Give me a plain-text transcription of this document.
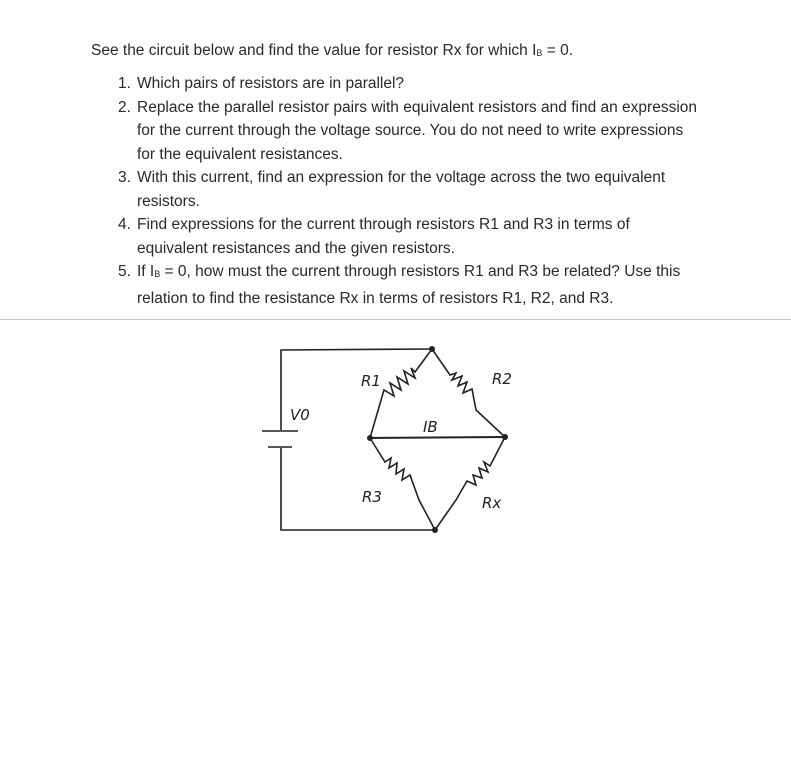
See the circuit below and find the value for resistor Rx for which $I_B = 0$.
1. Which pairs of resistors are in parallel?
2. Replace the parallel resistor pairs with equivalent resistors and find an expression for the current through the voltage source. You do not need to write expressions for the equivalent resistances.
3. With this current, find an expression for the voltage across the two equivalent resistors.
4. Find expressions for the current through resistors R1 and R3 in terms of equivalent resistances and the given resistors.
5. If $I_B = 0$, how must the current through resistors R1 and R3 be related? Use this relation to find the resistance Rx in terms of resistors R1, R2, and R3.
V0
R1	R2
IB
R3	Rx
